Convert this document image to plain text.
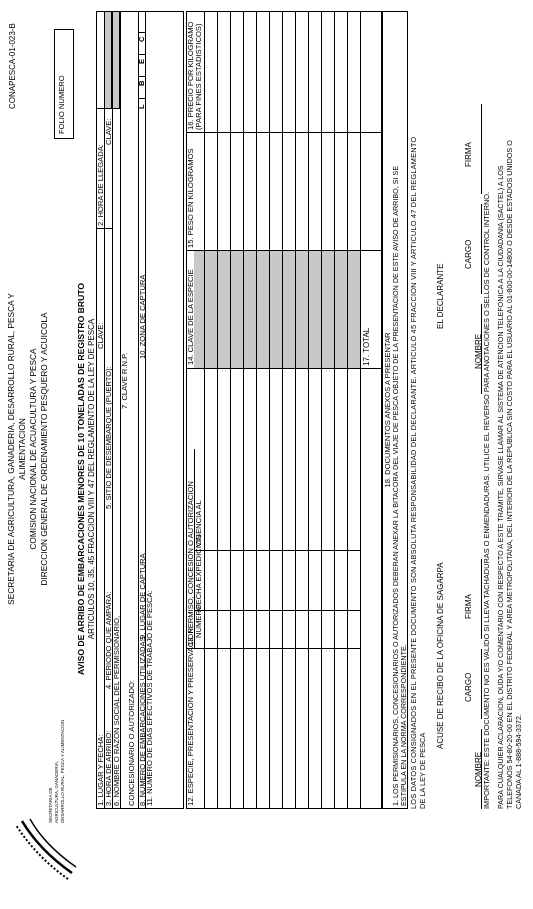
SECRETARIA DE AGRICULTURA, GANADERIA, DESARROLLO RURAL, PESCA Y ALIMENTACION
SECRETARIA DE AGRICULTURA, GANADERIA, DESARROLLO RURAL, PESCA Y ALIMENTACION COMISION NACIONAL DE ACUACULTURA Y PESCA DIRECCION GENERAL DE ORDENAMIENTO PESQUERO Y ACUICOLA
CONAPESCA-01-023-B	FOLIO NUMERO
AVISO DE ARRIBO DE EMBARCACIONES MENORES DE 10 TONELADAS DE REGISTRO BRUTO ARTICULOS 10, 35, 45 FRACCION VIII Y 47 DEL REGLAMENTO DE LA LEY DE PESCA
1. LUGAR Y FECHA:
CLAVE:
2. HORA DE LLEGADA:
3. HORA DE ARRIBO:
4. PERIODO QUE AMPARA:
5. SITIO DE DESEMBARQUE (PUERTO):
CLAVE:
6. NOMBRE O RAZON SOCIAL DEL PERMISIONARIO, CONCESIONARIO O AUTORIZADO:
7. CLAVE R.N.P.
8. NUMERO DE EMBARCACIONES UTILIZADAS
9. LUGAR DE CAPTURA
10. ZONA DE CAPTURA
L
B
E
C
11. NUMERO DE DIAS EFECTIVOS DE TRABAJO DE PESCA:	12. ESPECIE, PRESENTACION Y PRESERVACION
13. PERMISO, CONCESION O AUTORIZACION NUMERO
FECHA EXPEDICION
VIGENCIA AL
14. CLAVE DE LA ESPECIE
15. PESO EN KILOGRAMOS
16. PRECIO POR KILOGRAMO (PARA FINES ESTADISTICOS)
17. TOTAL 18. DOCUMENTOS ANEXOS A PRESENTAR 1. LOS PERMISIONARIOS, CONCESIONARIOS O AUTORIZADOS DEBERAN ANEXAR LA BITACORA DEL VIAJE DE PESCA OBJETO DE LA PRESENTACION DE ESTE AVISO DE ARRIBO, SI SE ESTIPULA EN LA NORMA CORRESPONDIENTE. LOS DATOS CONSIGNADOS EN EL PRESENTE DOCUMENTO SON ABSOLUTA RESPONSABILIDAD DEL DECLARANTE. ARTICULO 45 FRACCION VIII Y ARTICULO 47 DEL REGLAMENTO DE LA LEY DE PESCA
ACUSE DE RECIBO DE LA OFICINA DE SAGARPA
EL DECLARANTE
CARGO
FIRMA
NOMBRE
CARGO
FIRMA
NOMBRE IMPORTANTE: ESTE DOCUMENTO NO ES VALIDO SI LLEVA TACHADURAS O ENMENDADURAS. UTILICE EL REVERSO PARA ANOTACIONES O SELLOS DE CONTROL INTERNO. PARA CUALQUIER ACLARACION, DUDA Y/O COMENTARIO CON RESPECTO A ESTE TRAMITE, SIRVASE LLAMAR AL SISTEMA DE ATENCION TELEFONICA A LA CIUDADANIA (SACTEL) A LOS TELEFONOS 54-80-20-00 EN EL DISTRITO FEDERAL Y AREA METROPOLITANA, DEL INTERIOR DE LA REPUBLICA SIN COSTO PARA EL USUARIO AL 01-800-00-14800 O DESDE ESTADOS UNIDOS O CANADA AL 1-888-594-3372.
